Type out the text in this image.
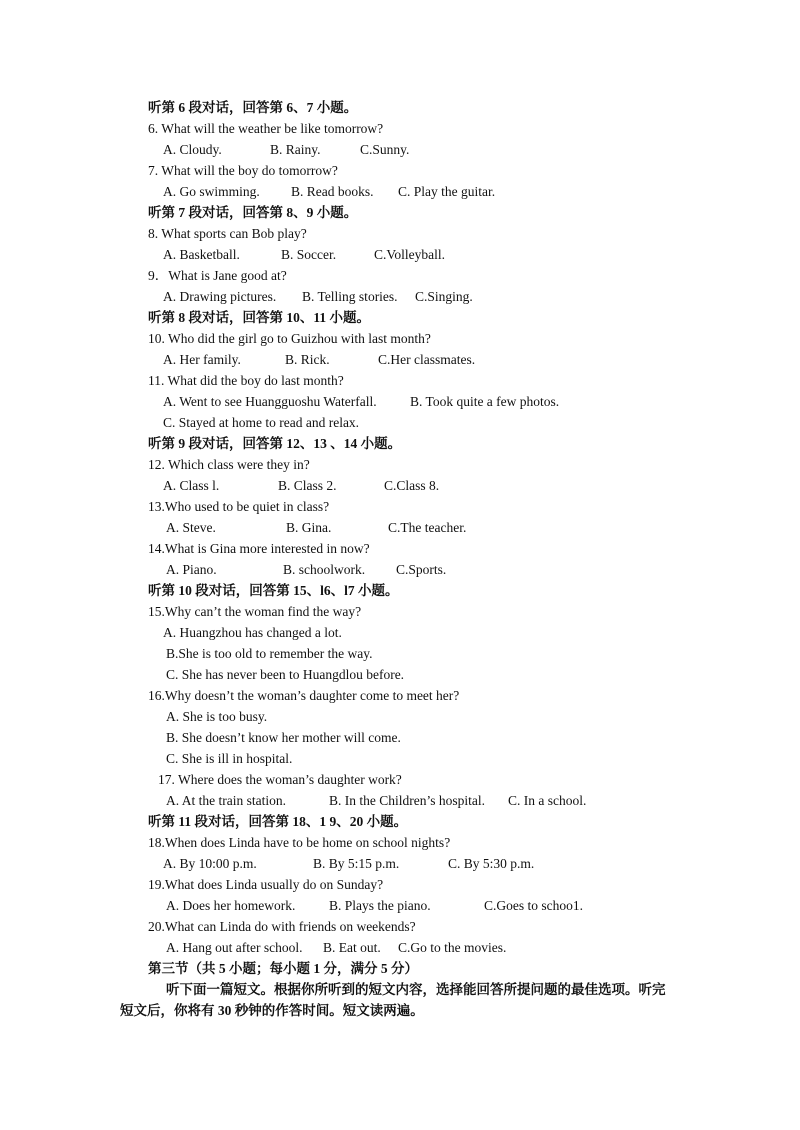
听第 6 段对话，回答第 6、7 小题。
6. What will the weather be like tomorrow?
A. Cloudy.	B. Rainy.	C.Sunny.
7. What will the boy do tomorrow?
A. Go swimming. B. Read books. C. Play the guitar.
听第 7 段对话，回答第 8、9 小题。
8. What sports can Bob play?
A. Basketball.	B. Soccer.	C.Volleyball.
9．What is Jane good at?
A. Drawing pictures. B. Telling stories. C.Singing.
听第 8 段对话，回答第 10、11 小题。
10. Who did the girl go to Guizhou with last month?
A. Her family.	B. Rick.	C.Her classmates.
11. What did the boy do last month?
A. Went to see Huangguoshu Waterfall. B. Took quite a few photos.
C. Stayed at home to read and relax.
听第 9 段对话，回答第 12、13 、14 小题。
12. Which class were they in?
A. Class l.	B. Class 2.	C.Class 8.
13.Who used to be quiet in class?
A. Steve.	B. Gina.	C.The teacher.
14.What is Gina more interested in now?
A. Piano.	B. schoolwork. C.Sports.
听第 10 段对话，回答第 15、l6、l7 小题。
15.Why can’t the woman find the way?
A. Huangzhou has changed a lot.
B.She is too old to remember the way.
C. She has never been to Huangdlou before.
16.Why doesn’t the woman’s daughter come to meet her?
A. She is too busy.
B. She doesn’t know her mother will come.
C. She is ill in hospital.
17. Where does the woman’s daughter work?
A. At the train station.	B. In the Children’s hospital. C. In a school.
听第 11 段对话，回答第 18、1 9、20 小题。
18.When does Linda have to be home on school nights?
A. By 10:00 p.m.	B. By 5:15 p.m.	C. By 5:30 p.m.
19.What does Linda usually do on Sunday?
A. Does her homework. B. Plays the piano.	C.Goes to schoo1.
20.What can Linda do with friends on weekends?
A. Hang out after school. B. Eat out. C.Go to the movies.
第三节（共 5 小题；每小题 1 分，满分 5 分）
听下面一篇短文。根据你所听到的短文内容，选择能回答所提问题的最佳选项。听完
短文后，你将有 30 秒钟的作答时间。短文读两遍。
